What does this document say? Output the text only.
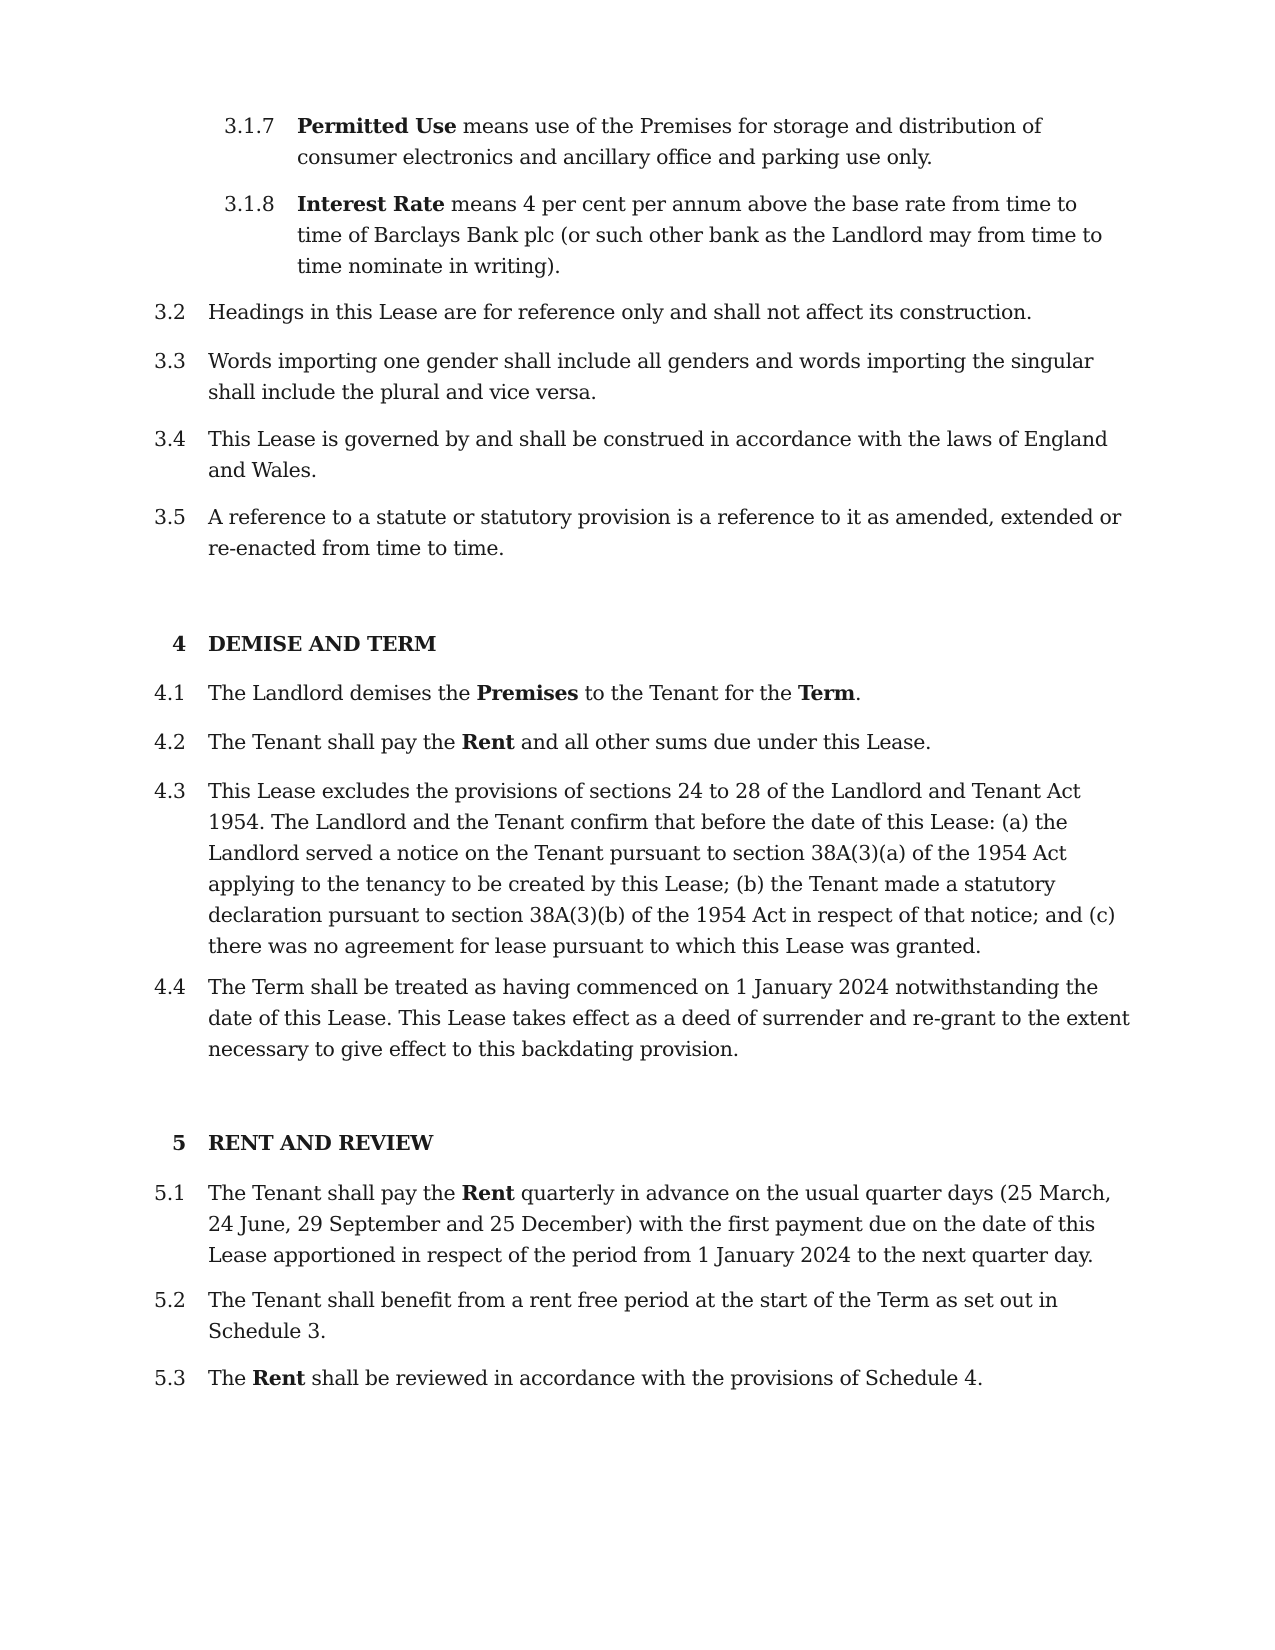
3.1.7 Permitted Use means use of the Premises for storage and distribution of consumer electronics and ancillary office and parking use only.
3.1.8 Interest Rate means 4 per cent per annum above the base rate from time to time of Barclays Bank plc (or such other bank as the Landlord may from time to time nominate in writing).
3.2 Headings in this Lease are for reference only and shall not affect its construction.
3.3 Words importing one gender shall include all genders and words importing the singular shall include the plural and vice versa.
3.4 This Lease is governed by and shall be construed in accordance with the laws of England and Wales.
3.5 A reference to a statute or statutory provision is a reference to it as amended, extended or re-enacted from time to time.
4 DEMISE AND TERM
4.1 The Landlord demises the Premises to the Tenant for the Term.
4.2 The Tenant shall pay the Rent and all other sums due under this Lease.
4.3 This Lease excludes the provisions of sections 24 to 28 of the Landlord and Tenant Act 1954. The Landlord and the Tenant confirm that before the date of this Lease: (a) the Landlord served a notice on the Tenant pursuant to section 38A(3)(a) of the 1954 Act applying to the tenancy to be created by this Lease; (b) the Tenant made a statutory declaration pursuant to section 38A(3)(b) of the 1954 Act in respect of that notice; and (c) there was no agreement for lease pursuant to which this Lease was granted.
4.4 The Term shall be treated as having commenced on 1 January 2024 notwithstanding the date of this Lease. This Lease takes effect as a deed of surrender and re-grant to the extent necessary to give effect to this backdating provision.
5 RENT AND REVIEW
5.1 The Tenant shall pay the Rent quarterly in advance on the usual quarter days (25 March, 24 June, 29 September and 25 December) with the first payment due on the date of this Lease apportioned in respect of the period from 1 January 2024 to the next quarter day.
5.2 The Tenant shall benefit from a rent free period at the start of the Term as set out in Schedule 3.
5.3 The Rent shall be reviewed in accordance with the provisions of Schedule 4.
